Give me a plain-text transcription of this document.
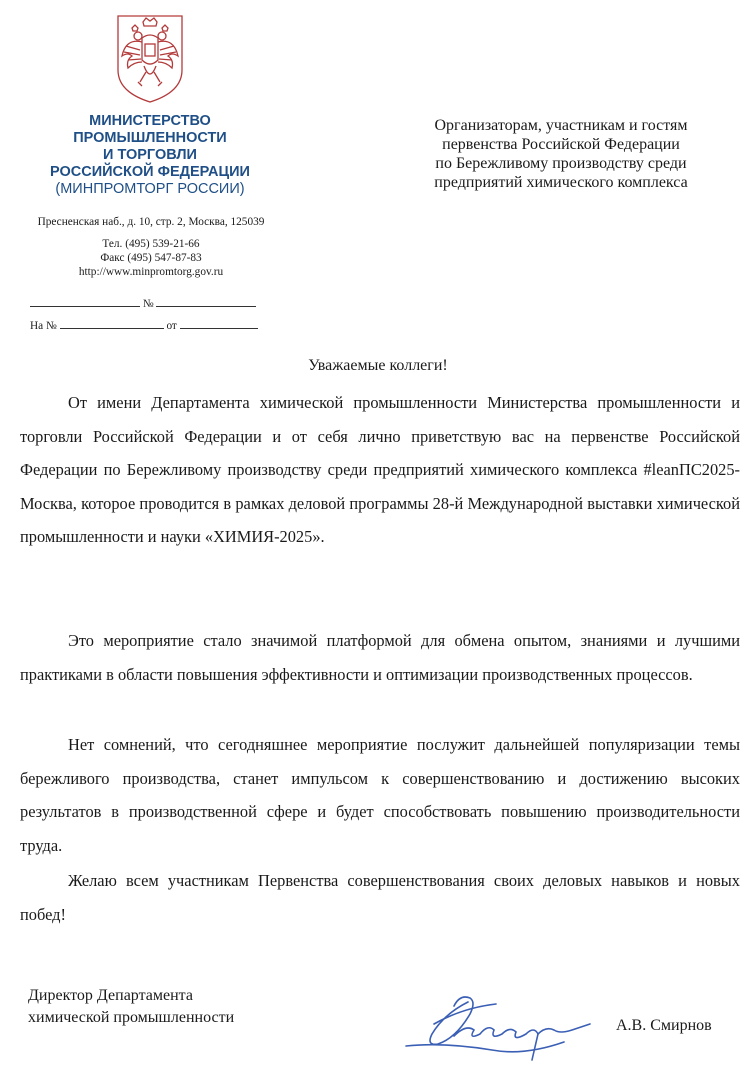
МИНИСТЕРСТВО
ПРОМЫШЛЕННОСТИ
И ТОРГОВЛИ
РОССИЙСКОЙ ФЕДЕРАЦИИ
(МИНПРОМТОРГ РОССИИ)
Пресненская наб., д. 10, стр. 2, Москва, 125039
Тел. (495) 539-21-66
Факс (495) 547-87-83
http://www.minpromtorg.gov.ru
№
На №	от
Организаторам, участникам и гостям
первенства Российской Федерации
по Бережливому производству среди
предприятий химического комплекса
Уважаемые коллеги!
От имени Департамента химической промышленности Министерства промышленности и торговли Российской Федерации и от себя лично приветствую вас на первенстве Российской Федерации по Бережливому производству среди предприятий химического комплекса #leanПС2025-Москва, которое проводится в рамках деловой программы 28-й Международной выставки химической промышленности и науки «ХИМИЯ-2025».
Это мероприятие стало значимой платформой для обмена опытом, знаниями и лучшими практиками в области повышения эффективности и оптимизации производственных процессов.
Нет сомнений, что сегодняшнее мероприятие послужит дальнейшей популяризации темы бережливого производства, станет импульсом к совершенствованию и достижению высоких результатов в производственной сфере и будет способствовать повышению производительности труда.
Желаю всем участникам Первенства совершенствования своих деловых навыков и новых побед!
Директор Департамента
химической промышленности	А.В. Смирнов
